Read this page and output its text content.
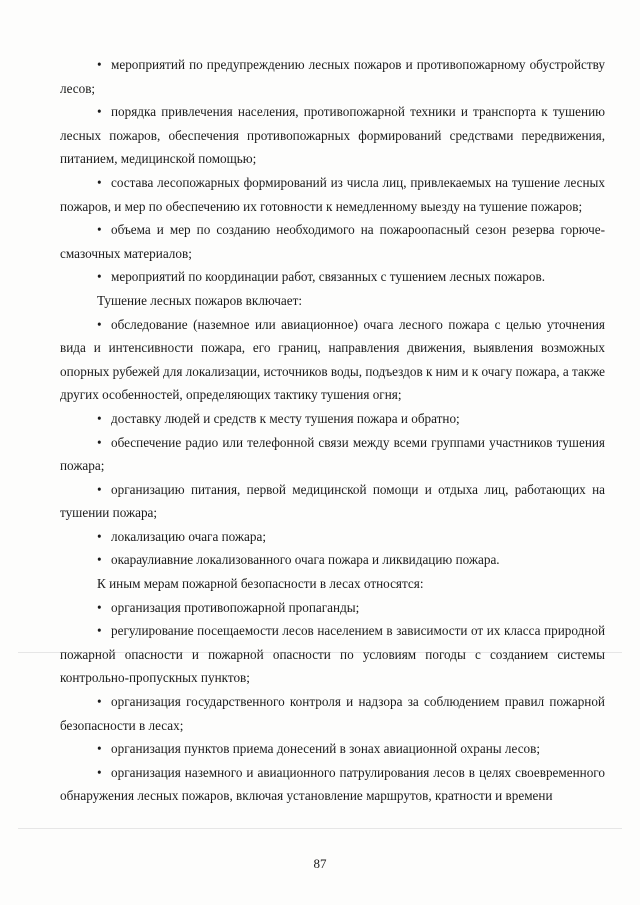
• мероприятий по предупреждению лесных пожаров и противопожарному обустройству лесов;

• порядка привлечения населения, противопожарной техники и транспорта к тушению лесных пожаров, обеспечения противопожарных формирований средствами передвижения, питанием, медицинской помощью;

• состава лесопожарных формирований из числа лиц, привлекаемых на тушение лесных пожаров, и мер по обеспечению их готовности к немедленному выезду на тушение пожаров;

• объема и мер по созданию необходимого на пожароопасный сезон резерва горюче-смазочных материалов;

• мероприятий по координации работ, связанных с тушением лесных пожаров.

Тушение лесных пожаров включает:

• обследование (наземное или авиационное) очага лесного пожара с целью уточнения вида и интенсивности пожара, его границ, направления движения, выявления возможных опорных рубежей для локализации, источников воды, подъездов к ним и к очагу пожара, а также других особенностей, определяющих тактику тушения огня;

• доставку людей и средств к месту тушения пожара и обратно;

• обеспечение радио или телефонной связи между всеми группами участников тушения пожара;

• организацию питания, первой медицинской помощи и отдыха лиц, работающих на тушении пожара;

• локализацию очага пожара;

• окараулиавние локализованного очага пожара и ликвидацию пожара.

К иным мерам пожарной безопасности в лесах относятся:

• организация противопожарной пропаганды;

• регулирование посещаемости лесов населением в зависимости от их класса природной пожарной опасности и пожарной опасности по условиям погоды с созданием системы контрольно-пропускных пунктов;

• организация государственного контроля и надзора за соблюдением правил пожарной безопасности в лесах;

• организация пунктов приема донесений в зонах авиационной охраны лесов;

• организация наземного и авиационного патрулирования лесов в целях своевременного обнаружения лесных пожаров, включая установление маршрутов, кратности и времени

87
